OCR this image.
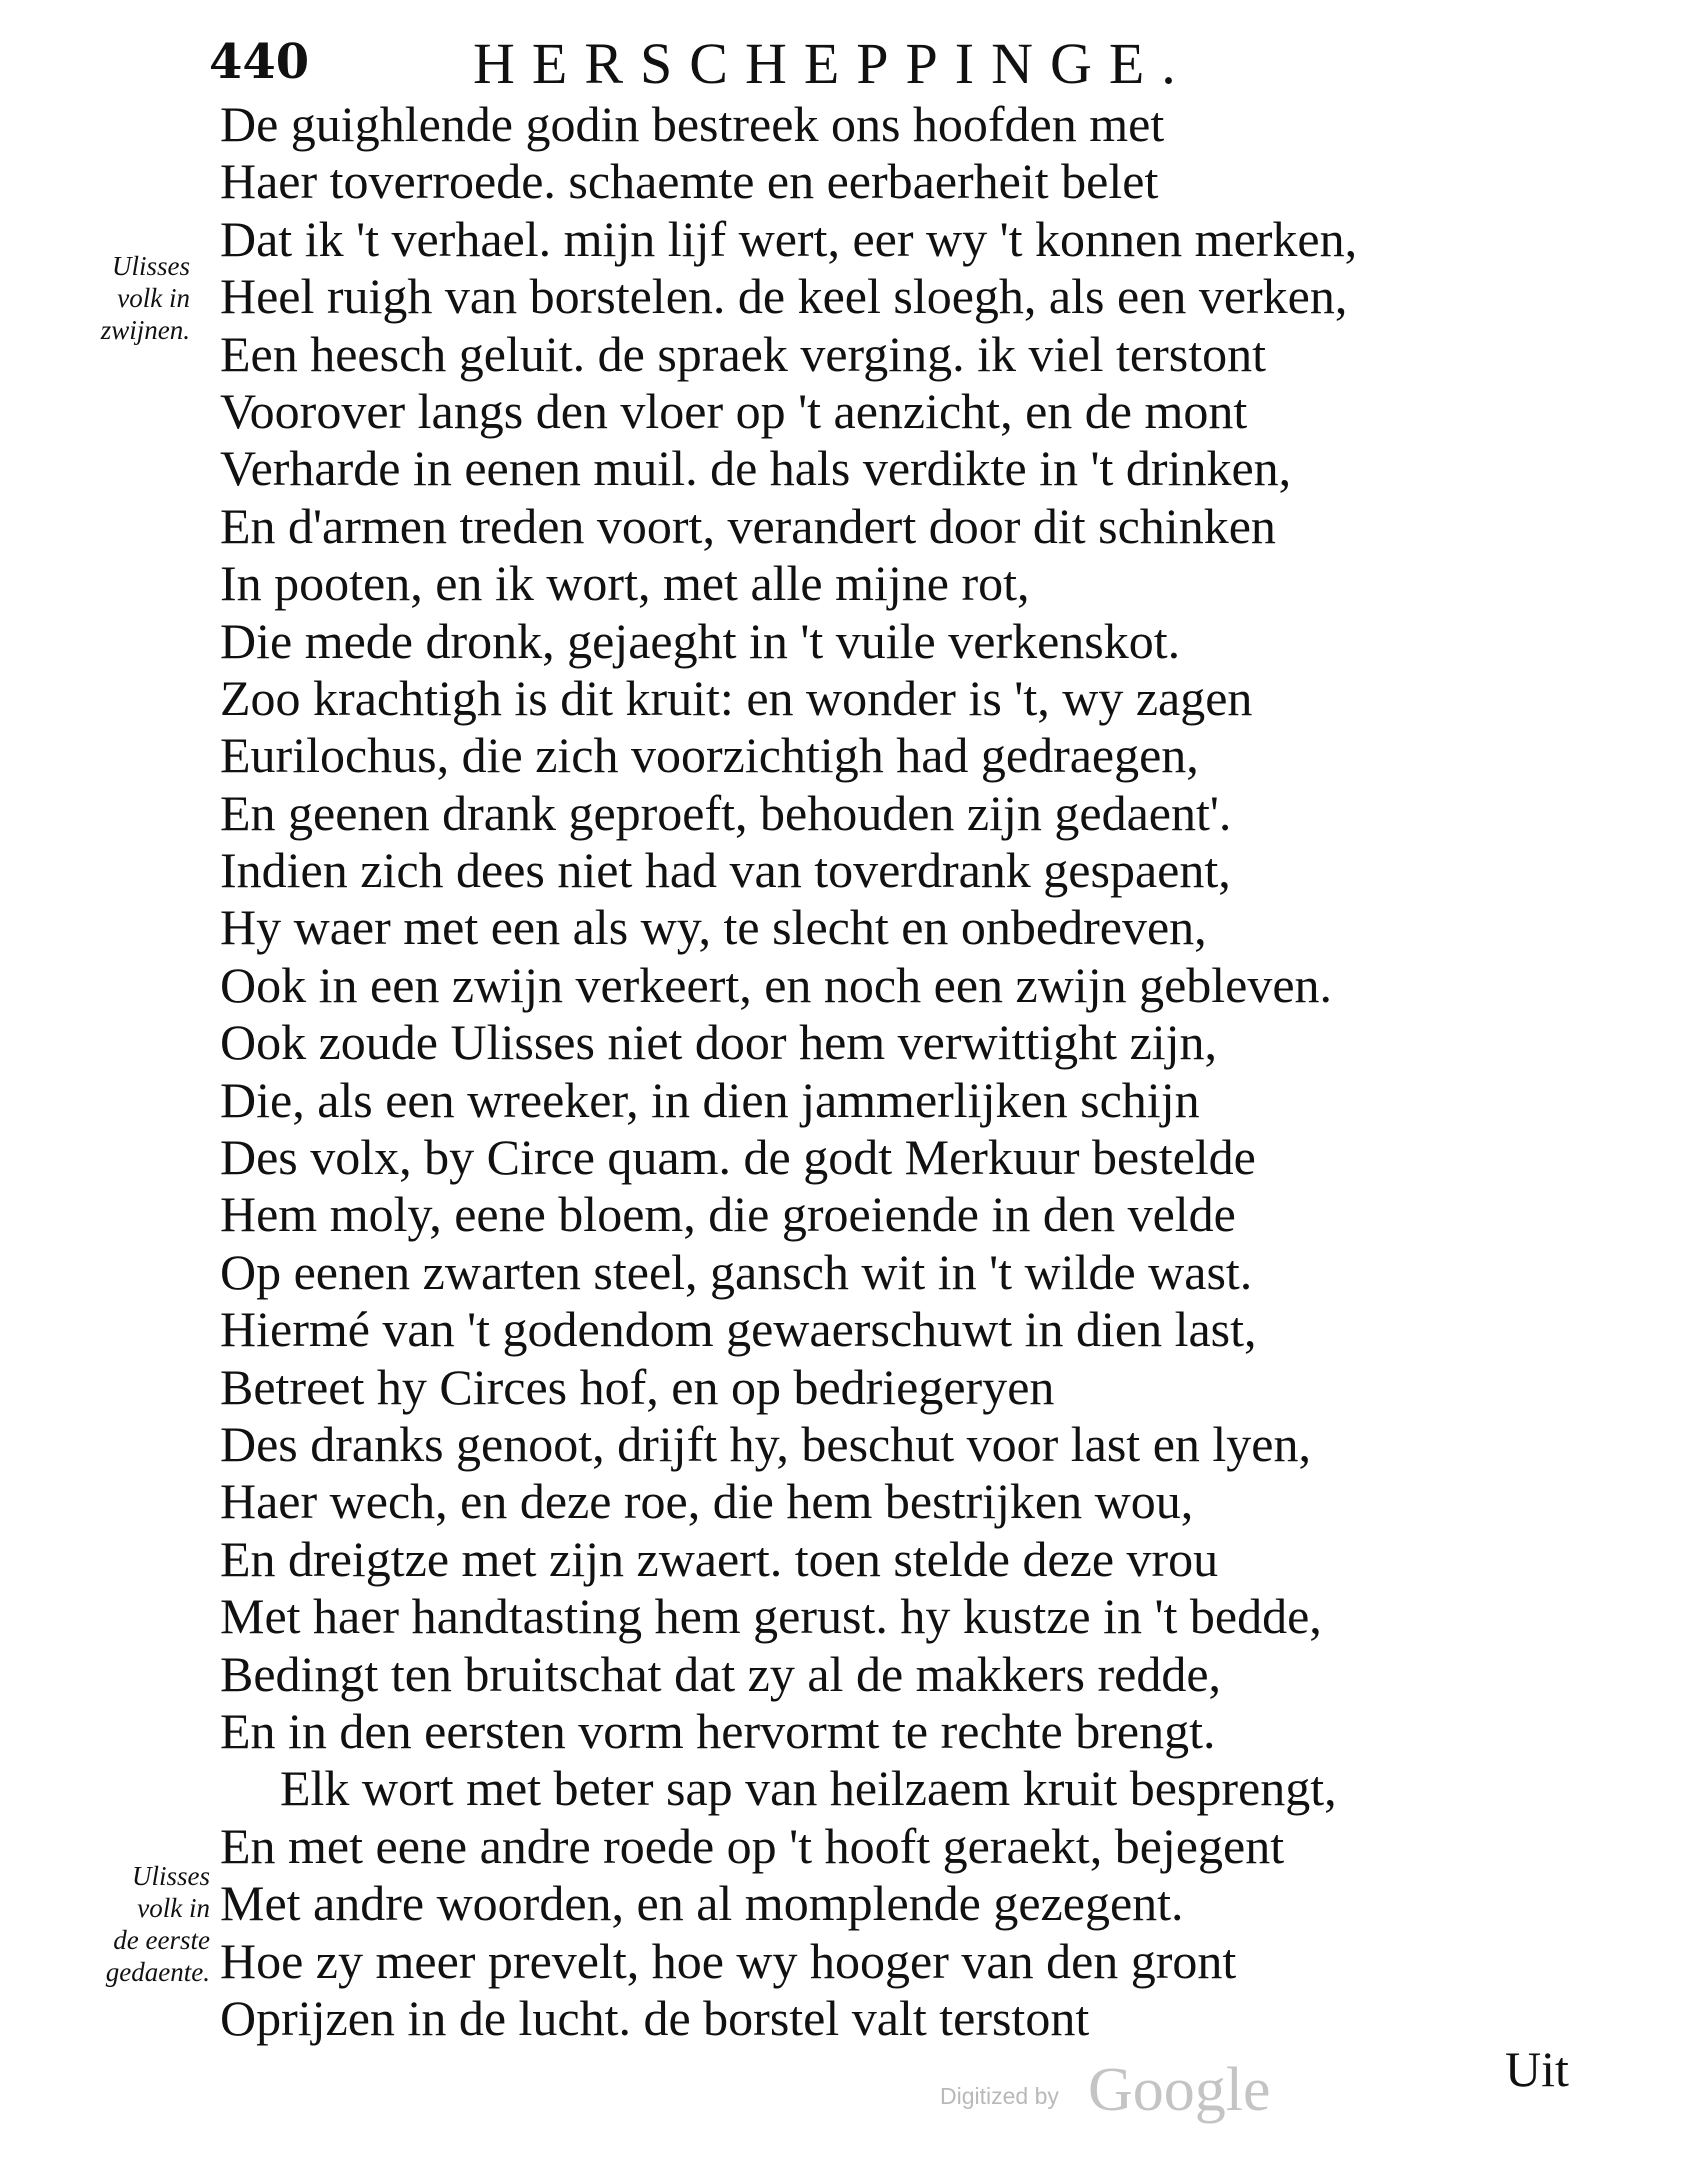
440	HERSCHEPPINGE.
De guighlende godin bestreek ons hoofden met
Haer toverroede. schaemte en eerbaerheit belet
Dat ik 't verhael. mijn lijf wert, eer wy 't konnen merken,
Heel ruigh van borstelen. de keel sloegh, als een verken,
Een heesch geluit. de spraek verging. ik viel terstont
Voorover langs den vloer op 't aenzicht, en de mont
Verharde in eenen muil. de hals verdikte in 't drinken,
En d'armen treden voort, verandert door dit schinken
In pooten, en ik wort, met alle mijne rot,
Die mede dronk, gejaeght in 't vuile verkenskot.
Zoo krachtigh is dit kruit: en wonder is 't, wy zagen
Eurilochus, die zich voorzichtigh had gedraegen,
En geenen drank geproeft, behouden zijn gedaent'.
Indien zich dees niet had van toverdrank gespaent,
Hy waer met een als wy, te slecht en onbedreven,
Ook in een zwijn verkeert, en noch een zwijn gebleven.
Ook zoude Ulisses niet door hem verwittight zijn,
Die, als een wreeker, in dien jammerlijken schijn
Des volx, by Circe quam. de godt Merkuur bestelde
Hem moly, eene bloem, die groeiende in den velde
Op eenen zwarten steel, gansch wit in 't wilde wast.
Hiermé van 't godendom gewaerschuwt in dien last,
Betreet hy Circes hof, en op bedriegeryen
Des dranks genoot, drijft hy, beschut voor last en lyen,
Haer wech, en deze roe, die hem bestrijken wou,
En dreigtze met zijn zwaert. toen stelde deze vrou
Met haer handtasting hem gerust. hy kustze in 't bedde,
Bedingt ten bruitschat dat zy al de makkers redde,
En in den eersten vorm hervormt te rechte brengt.
Elk wort met beter sap van heilzaem kruit besprengt,
En met eene andre roede op 't hooft geraekt, bejegent
Met andre woorden, en al momplende gezegent.
Hoe zy meer prevelt, hoe wy hooger van den gront
Oprijzen in de lucht. de borstel valt terstont
Ulisses
volk in
zwijnen.
Ulisses
volk in
de eerste
gedaente.
Uit
Digitized by Google
